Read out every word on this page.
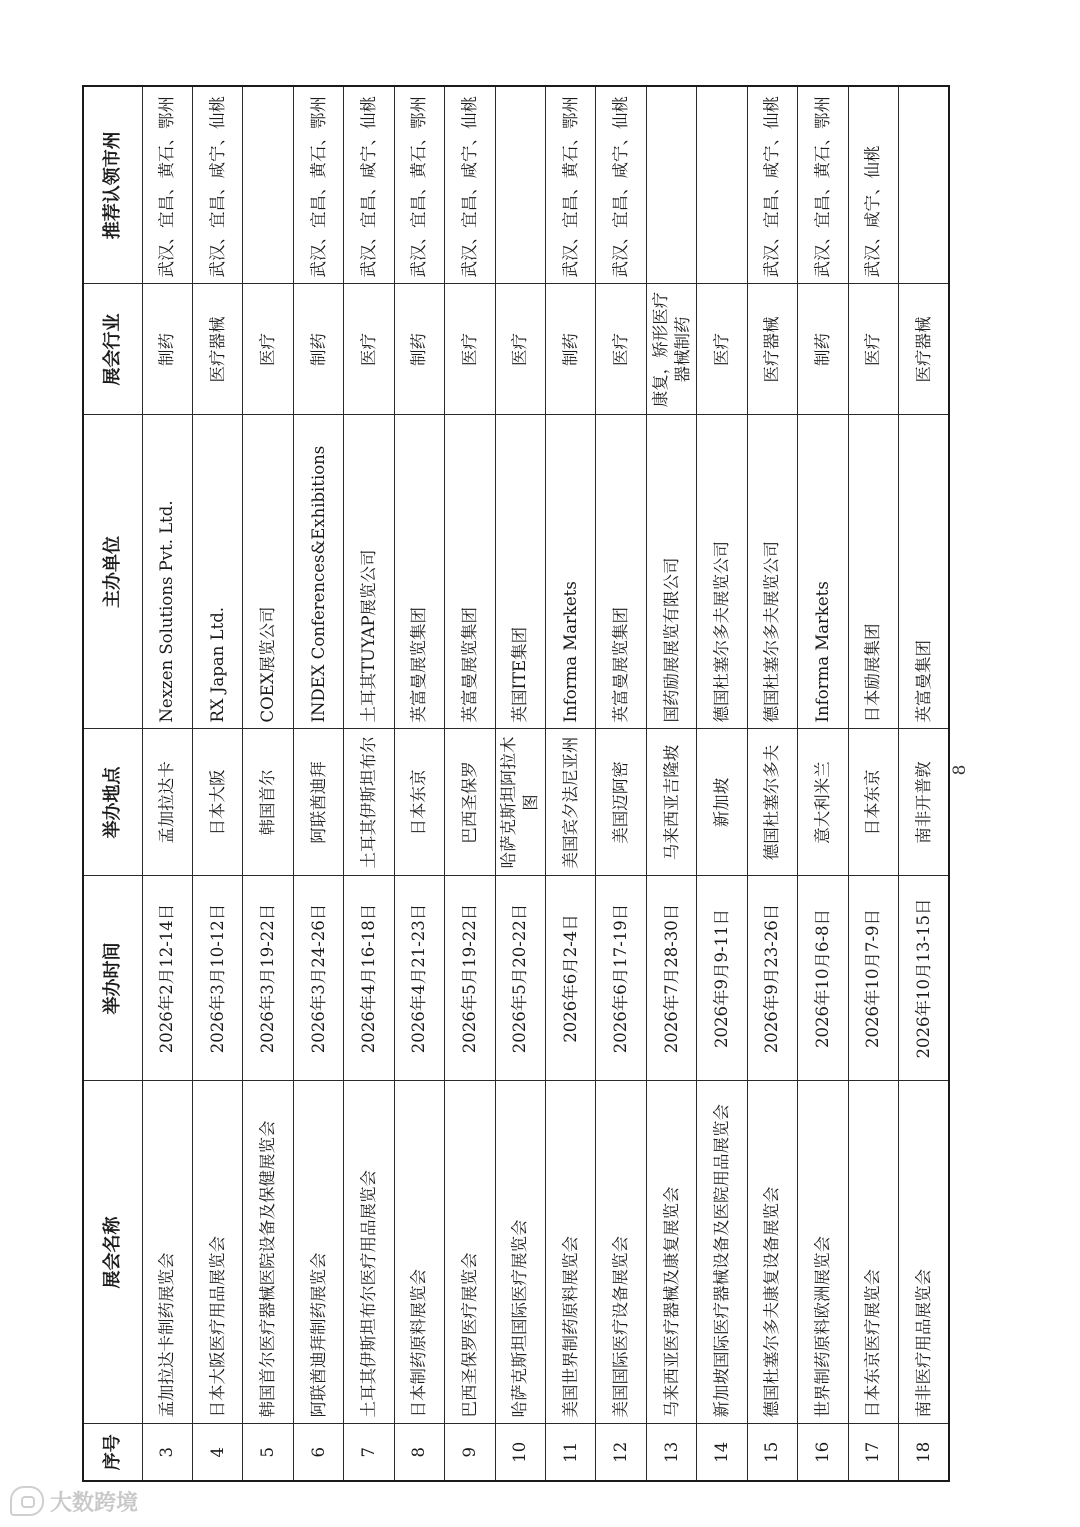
序号	展会名称	举办时间	举办地点	主办单位	展会行业	推荐认领市州
3	孟加拉达卡制药展览会	2026年2月12-14日	孟加拉达卡	Nexzen Solutions Pvt. Ltd.	制药	武汉、宜昌、黄石、鄂州
4	日本大阪医疗用品展览会	2026年3月10-12日	日本大阪	RX Japan Ltd.	医疗器械	武汉、宜昌、咸宁、仙桃
5	韩国首尔医疗器械医院设备及保健展览会	2026年3月19-22日	韩国首尔	COEX展览公司	医疗	
6	阿联酋迪拜制药展览会	2026年3月24-26日	阿联酋迪拜	INDEX Conferences&Exhibitions	制药	武汉、宜昌、黄石、鄂州
7	土耳其伊斯坦布尔医疗用品展览会	2026年4月16-18日	土耳其伊斯坦布尔	土耳其TUYAP展览公司	医疗	武汉、宜昌、咸宁、仙桃
8	日本制药原料展览会	2026年4月21-23日	日本东京	英富曼展览集团	制药	武汉、宜昌、黄石、鄂州
9	巴西圣保罗医疗展览会	2026年5月19-22日	巴西圣保罗	英富曼展览集团	医疗	武汉、宜昌、咸宁、仙桃
10	哈萨克斯坦国际医疗展览会	2026年5月20-22日	哈萨克斯坦阿拉木图	英国ITE集团	医疗	
11	美国世界制药原料展览会	2026年6月2-4日	美国宾夕法尼亚州	Informa Markets	制药	武汉、宜昌、黄石、鄂州
12	美国国际医疗设备展览会	2026年6月17-19日	美国迈阿密	英富曼展览集团	医疗	武汉、宜昌、咸宁、仙桃
13	马来西亚医疗器械及康复展览会	2026年7月28-30日	马来西亚吉隆坡	国药励展展览有限公司	康复，矫形医疗器械制药	
14	新加坡国际医疗器械设备及医院用品展览会	2026年9月9-11日	新加坡	德国杜塞尔多夫展览公司	医疗	
15	德国杜塞尔多夫康复设备展览会	2026年9月23-26日	德国杜塞尔多夫	德国杜塞尔多夫展览公司	医疗器械	武汉、宜昌、咸宁、仙桃
16	世界制药原料欧洲展览会	2026年10月6-8日	意大利米兰	Informa Markets	制药	武汉、宜昌、黄石、鄂州
17	日本东京医疗展览会	2026年10月7-9日	日本东京	日本励展集团	医疗	武汉、咸宁、仙桃
18	南非医疗用品展览会	2026年10月13-15日	南非开普敦	英富曼集团	医疗器械	
8
大数跨境
